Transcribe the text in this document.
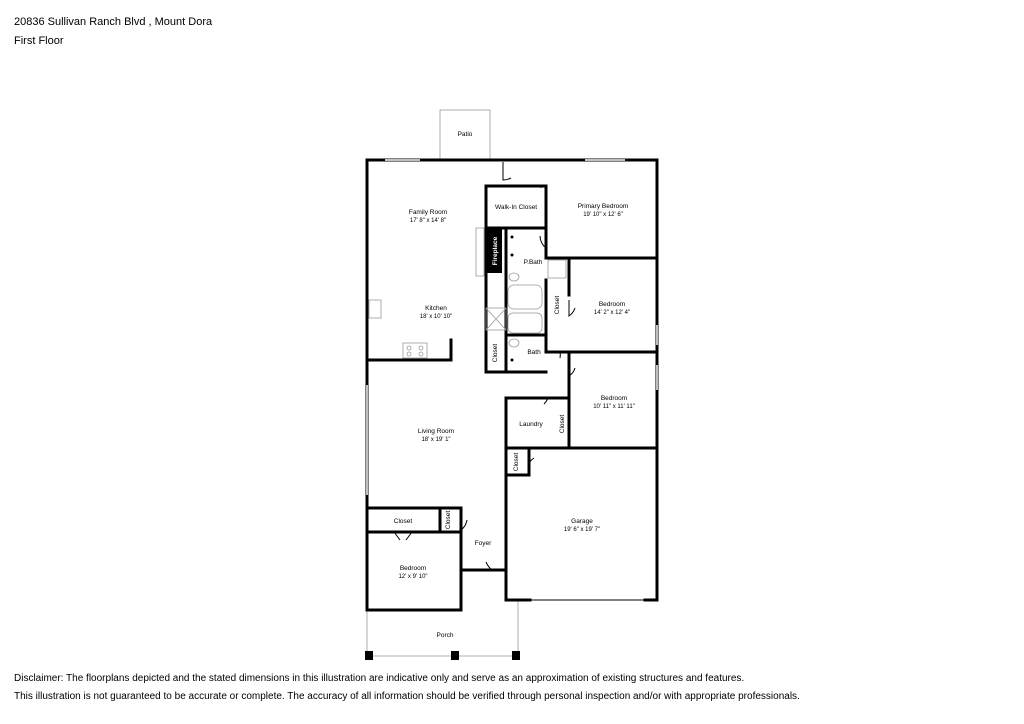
20836 Sullivan Ranch Blvd , Mount Dora
First Floor
Fireplace
Patio
Family Room
17' 8" x 14' 8"
Walk-In Closet	Primary Bedroom
19' 10" x 12' 6"
P.Bath
Kitchen
18' x 10' 10"
Bedroom
14' 2" x 12' 4"
Closet
Closet	Bath
Bedroom
10' 11" x 11' 11"
Laundry	Closet
Living Room
18' x 19' 1"
Closet
Garage
19' 6" x 19' 7"
Closet	Closet
Foyer
Bedroom
12' x 9' 10"
Porch
Disclaimer: The floorplans depicted and the stated dimensions in this illustration are indicative only and serve as an approximation of existing structures and features.
This illustration is not guaranteed to be accurate or complete. The accuracy of all information should be verified through personal inspection and/or with appropriate professionals.
